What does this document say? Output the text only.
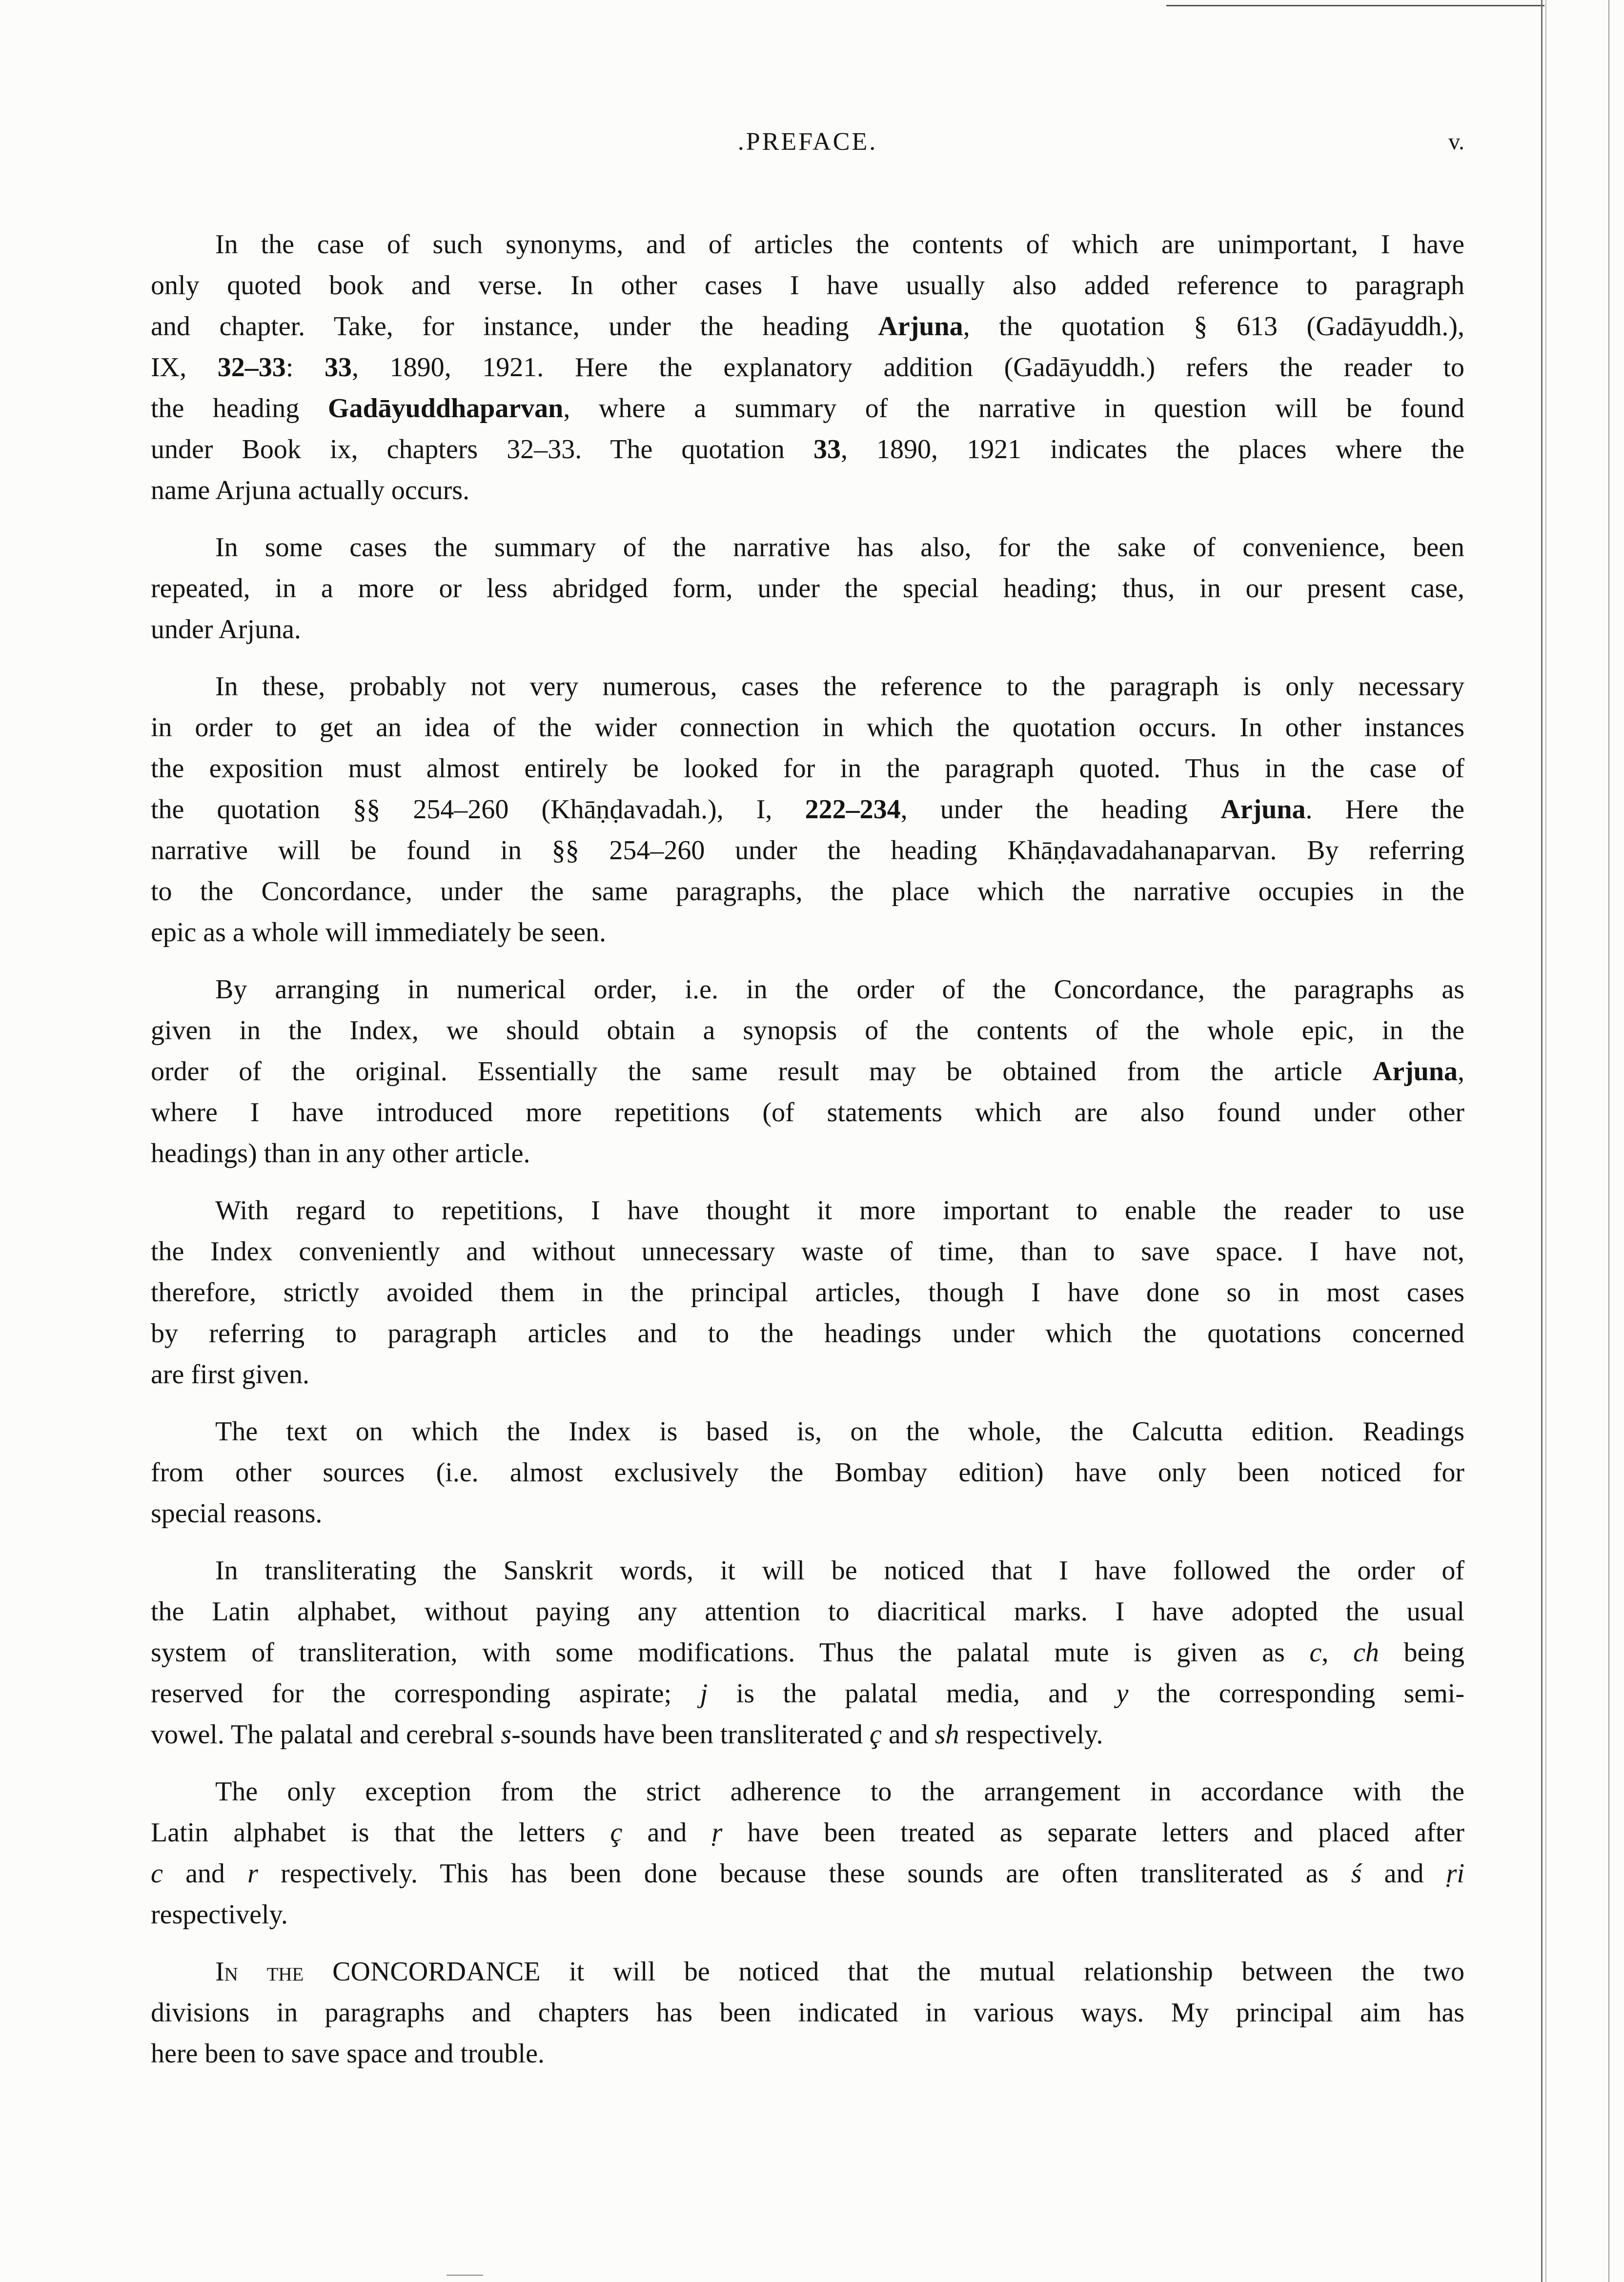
.PREFACE.	v.
In the case of such synonyms, and of articles the contents of which are unimportant, I have
only quoted book and verse. In other cases I have usually also added reference to paragraph
and chapter. Take, for instance, under the heading Arjuna, the quotation § 613 (Gadāyuddh.),
IX, 32–33: 33, 1890, 1921. Here the explanatory addition (Gadāyuddh.) refers the reader to
the heading Gadāyuddhaparvan, where a summary of the narrative in question will be found
under Book ix, chapters 32–33. The quotation 33, 1890, 1921 indicates the places where the
name Arjuna actually occurs.
In some cases the summary of the narrative has also, for the sake of convenience, been
repeated, in a more or less abridged form, under the special heading; thus, in our present case,
under Arjuna.
In these, probably not very numerous, cases the reference to the paragraph is only necessary
in order to get an idea of the wider connection in which the quotation occurs. In other instances
the exposition must almost entirely be looked for in the paragraph quoted. Thus in the case of
the quotation §§ 254–260 (Khāṇḍavadah.), I, 222–234, under the heading Arjuna. Here the
narrative will be found in §§ 254–260 under the heading Khāṇḍavadahanaparvan. By referring
to the Concordance, under the same paragraphs, the place which the narrative occupies in the
epic as a whole will immediately be seen.
By arranging in numerical order, i.e. in the order of the Concordance, the paragraphs as
given in the Index, we should obtain a synopsis of the contents of the whole epic, in the
order of the original. Essentially the same result may be obtained from the article Arjuna,
where I have introduced more repetitions (of statements which are also found under other
headings) than in any other article.
With regard to repetitions, I have thought it more important to enable the reader to use
the Index conveniently and without unnecessary waste of time, than to save space. I have not,
therefore, strictly avoided them in the principal articles, though I have done so in most cases
by referring to paragraph articles and to the headings under which the quotations concerned
are first given.
The text on which the Index is based is, on the whole, the Calcutta edition. Readings
from other sources (i.e. almost exclusively the Bombay edition) have only been noticed for
special reasons.
In transliterating the Sanskrit words, it will be noticed that I have followed the order of
the Latin alphabet, without paying any attention to diacritical marks. I have adopted the usual
system of transliteration, with some modifications. Thus the palatal mute is given as c, ch being
reserved for the corresponding aspirate; j is the palatal media, and y the corresponding semi-
vowel. The palatal and cerebral s-sounds have been transliterated ç and sh respectively.
The only exception from the strict adherence to the arrangement in accordance with the
Latin alphabet is that the letters ç and ṛ have been treated as separate letters and placed after
c and r respectively. This has been done because these sounds are often transliterated as ś and ṛi
respectively.
In the CONCORDANCE it will be noticed that the mutual relationship between the two
divisions in paragraphs and chapters has been indicated in various ways. My principal aim has
here been to save space and trouble.
